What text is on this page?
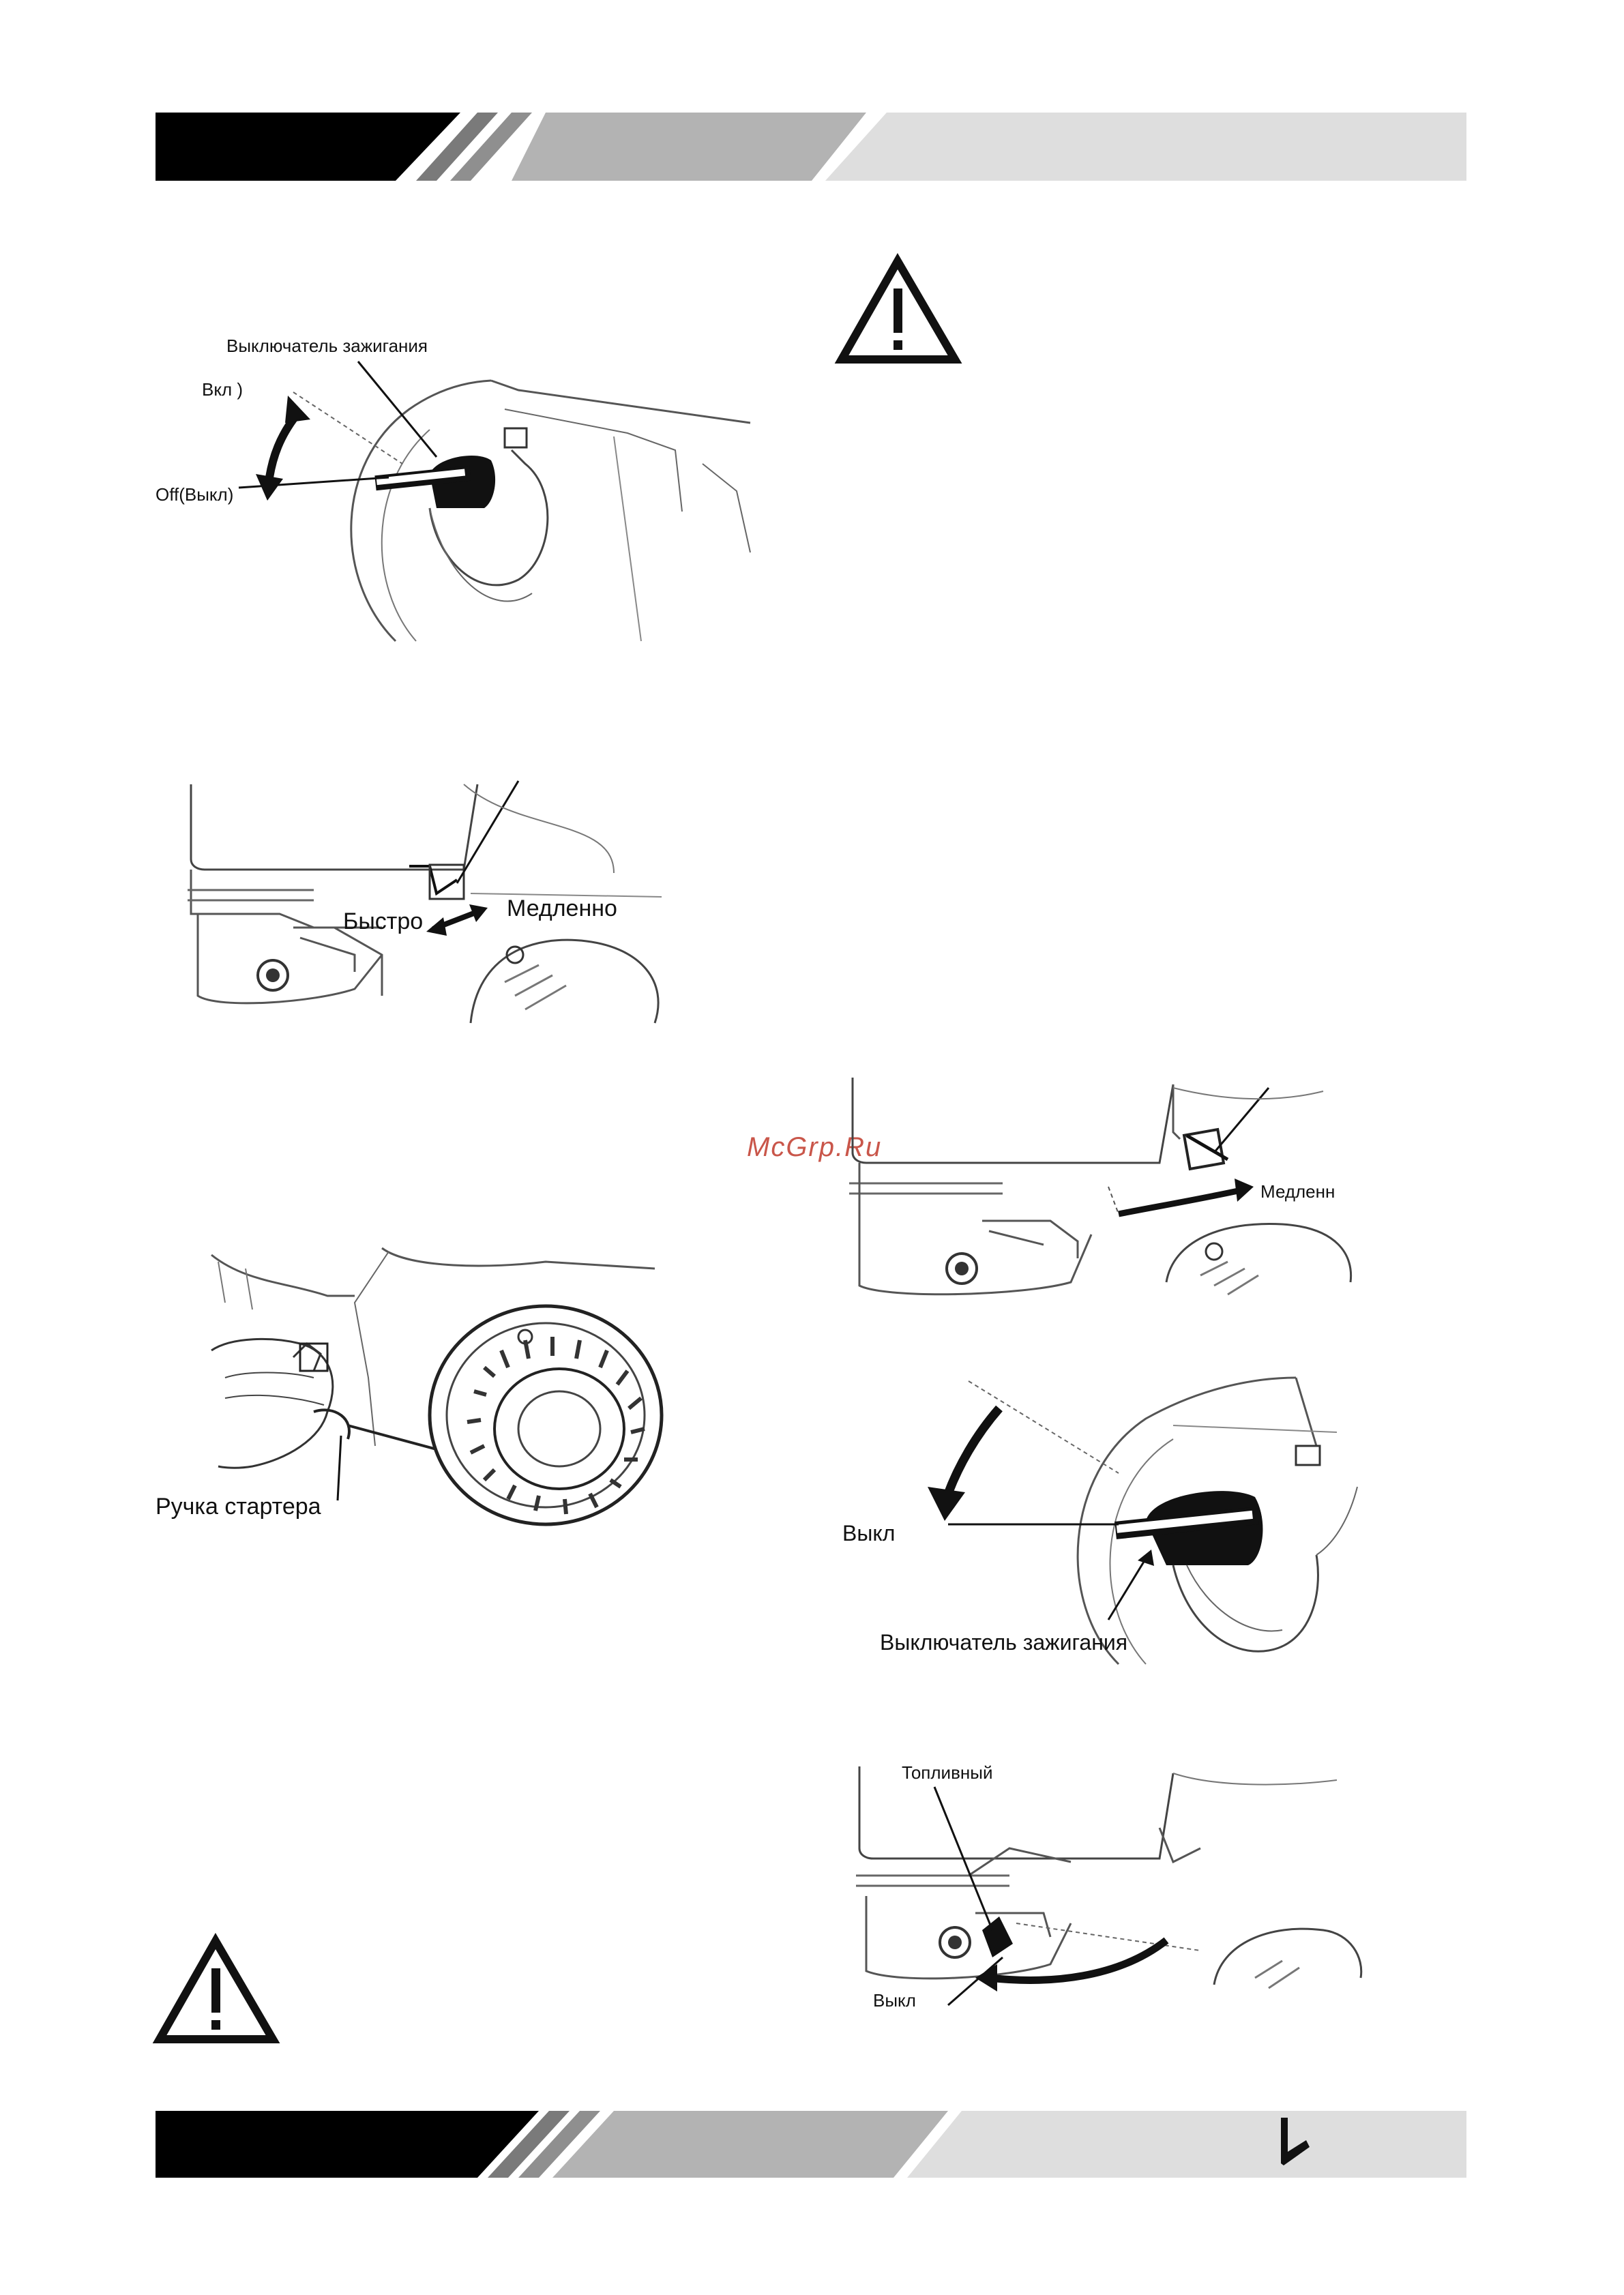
Выключатель зажигания
Вкл )
Off(Выкл)
Быстро	Медленно
Ручка стартера
McGrp.Ru
Медленн
Выкл
Выключатель зажигания
Топливный
Выкл
